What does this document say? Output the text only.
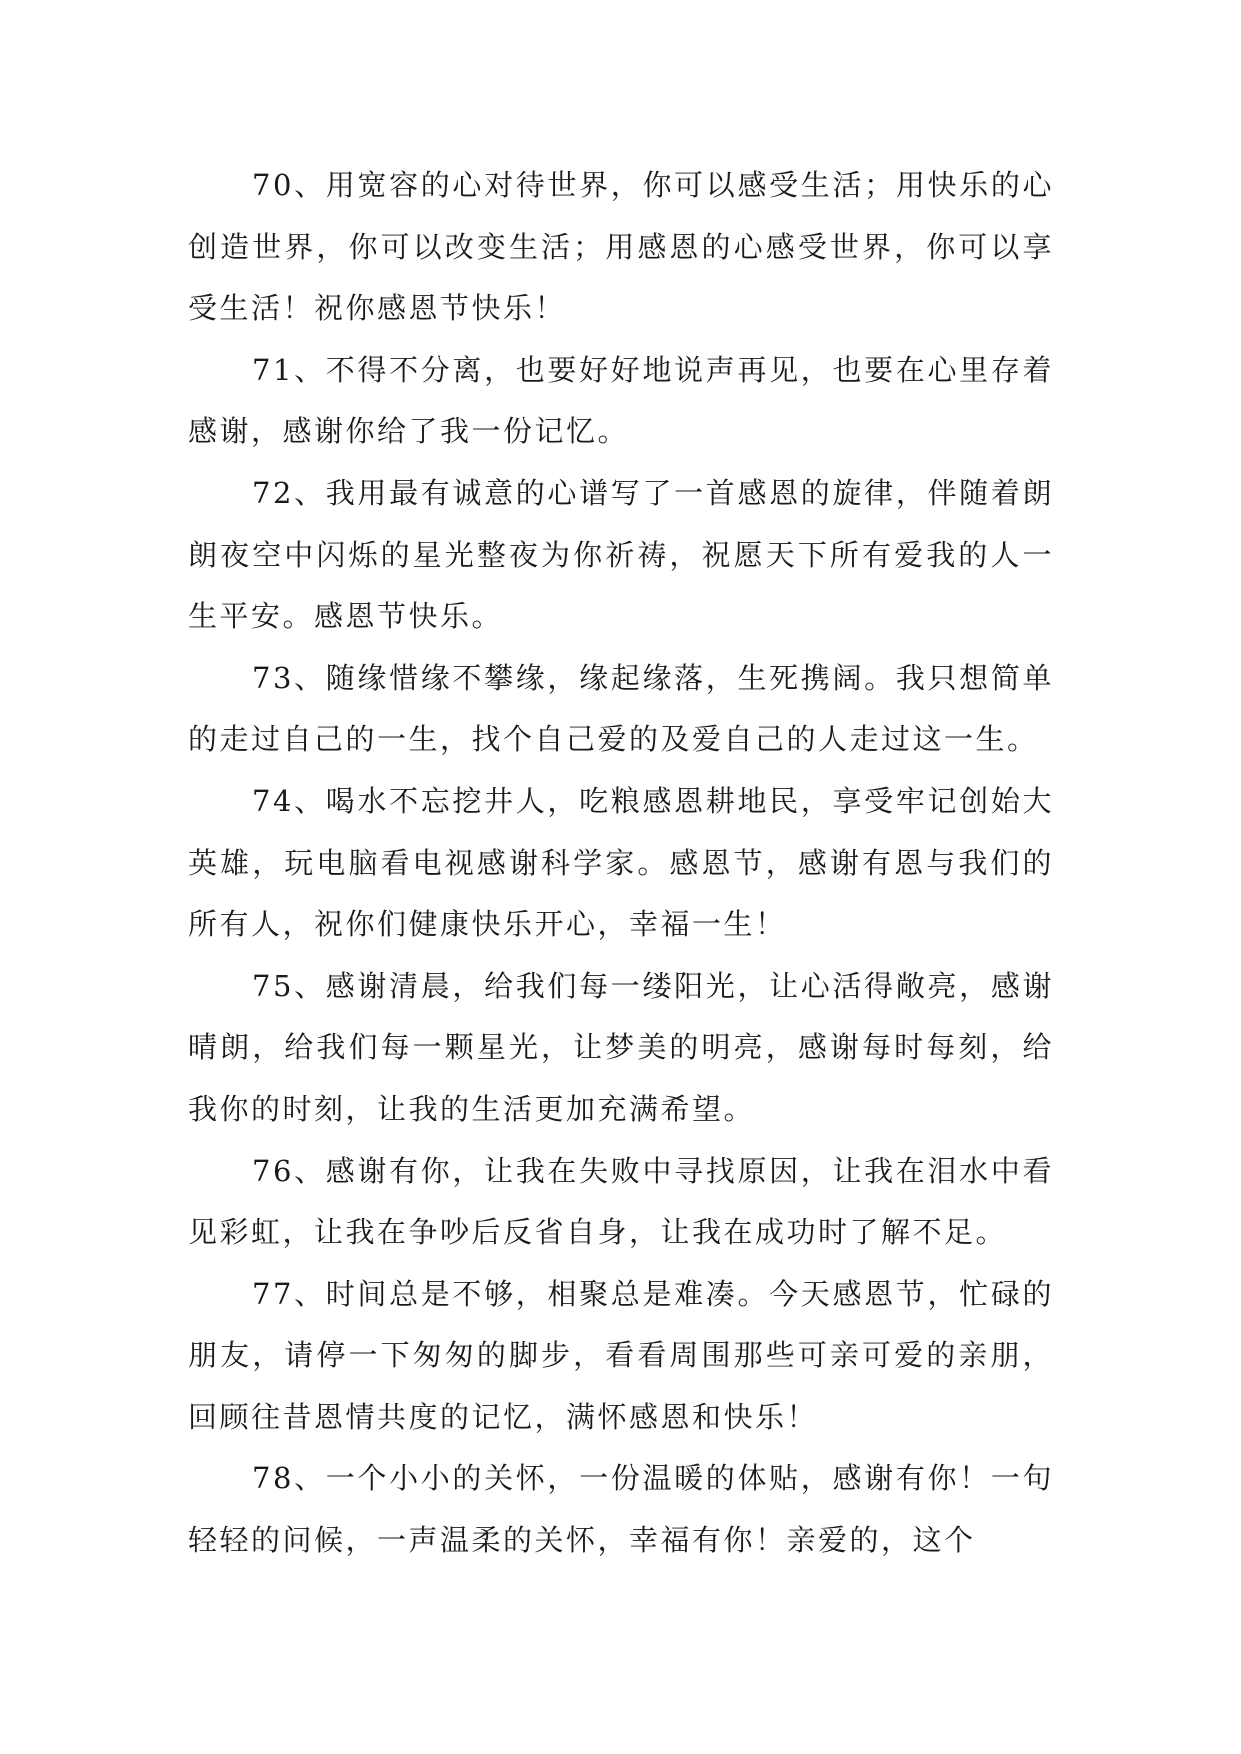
70、用宽容的心对待世界，你可以感受生活；用快乐的心创造世界，你可以改变生活；用感恩的心感受世界，你可以享受生活！祝你感恩节快乐！

71、不得不分离，也要好好地说声再见，也要在心里存着感谢，感谢你给了我一份记忆。

72、我用最有诚意的心谱写了一首感恩的旋律，伴随着朗朗夜空中闪烁的星光整夜为你祈祷，祝愿天下所有爱我的人一生平安。感恩节快乐。

73、随缘惜缘不攀缘，缘起缘落，生死携阔。我只想简单的走过自己的一生，找个自己爱的及爱自己的人走过这一生。

74、喝水不忘挖井人，吃粮感恩耕地民，享受牢记创始大英雄，玩电脑看电视感谢科学家。感恩节，感谢有恩与我们的所有人，祝你们健康快乐开心，幸福一生！

75、感谢清晨，给我们每一缕阳光，让心活得敞亮，感谢晴朗，给我们每一颗星光，让梦美的明亮，感谢每时每刻，给我你的时刻，让我的生活更加充满希望。

76、感谢有你，让我在失败中寻找原因，让我在泪水中看见彩虹，让我在争吵后反省自身，让我在成功时了解不足。

77、时间总是不够，相聚总是难凑。今天感恩节，忙碌的朋友，请停一下匆匆的脚步，看看周围那些可亲可爱的亲朋，回顾往昔恩情共度的记忆，满怀感恩和快乐！

78、一个小小的关怀，一份温暖的体贴，感谢有你！一句轻轻的问候，一声温柔的关怀，幸福有你！亲爱的，这个
